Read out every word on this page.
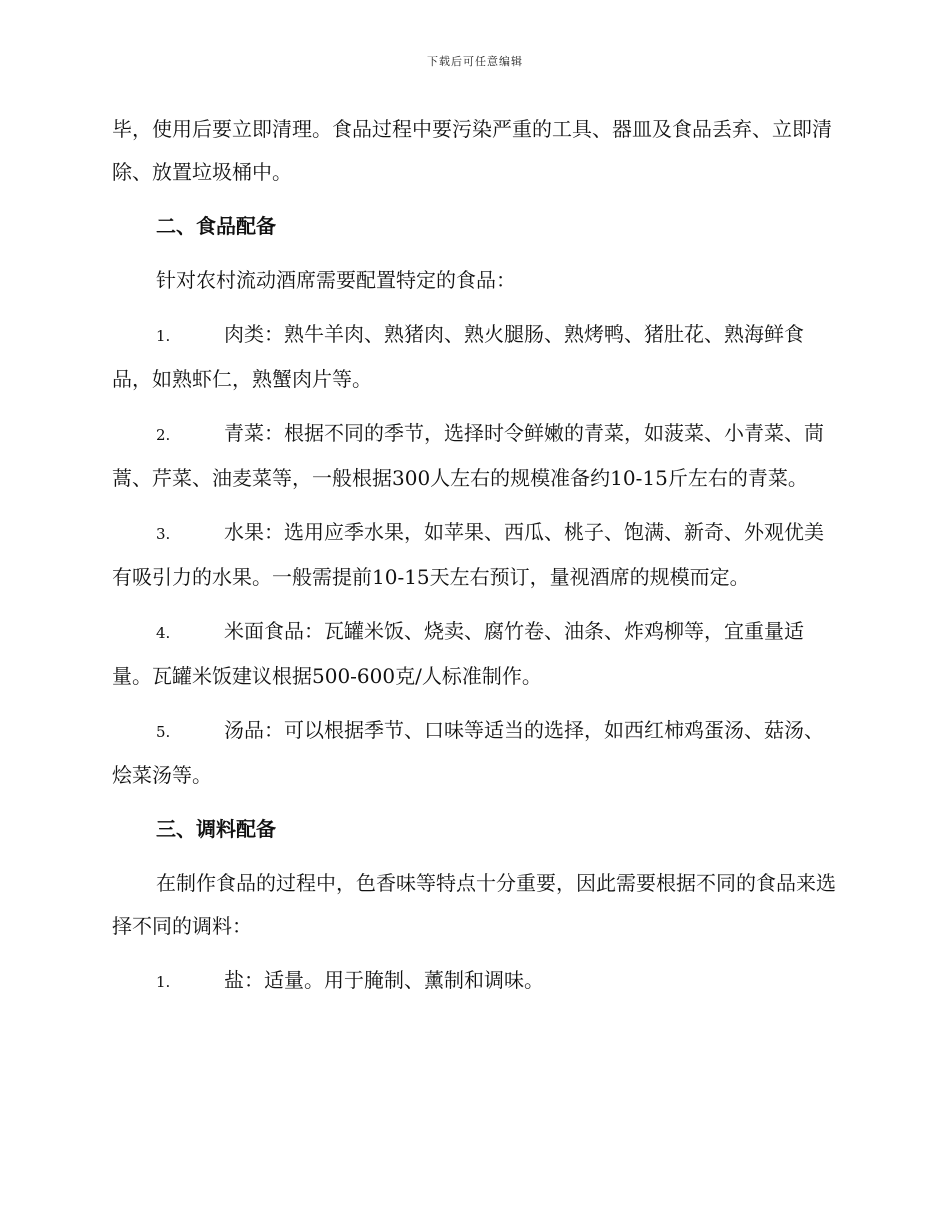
下载后可任意编辑

毕，使用后要立即清理。食品过程中要污染严重的工具、器皿及食品丢弃、立即清除、放置垃圾桶中。

二、食品配备

针对农村流动酒席需要配置特定的食品：

1.	肉类：熟牛羊肉、熟猪肉、熟火腿肠、熟烤鸭、猪肚花、熟海鲜食品，如熟虾仁，熟蟹肉片等。

2.	青菜：根据不同的季节，选择时令鲜嫩的青菜，如菠菜、小青菜、茼蒿、芹菜、油麦菜等，一般根据300人左右的规模准备约10-15斤左右的青菜。

3.	水果：选用应季水果，如苹果、西瓜、桃子、饱满、新奇、外观优美有吸引力的水果。一般需提前10-15天左右预订，量视酒席的规模而定。

4.	米面食品：瓦罐米饭、烧卖、腐竹卷、油条、炸鸡柳等，宜重量适量。瓦罐米饭建议根据500-600克/人标准制作。

5.	汤品：可以根据季节、口味等适当的选择，如西红柿鸡蛋汤、菇汤、烩菜汤等。

三、调料配备

在制作食品的过程中，色香味等特点十分重要，因此需要根据不同的食品来选择不同的调料：

1.	盐：适量。用于腌制、薰制和调味。
